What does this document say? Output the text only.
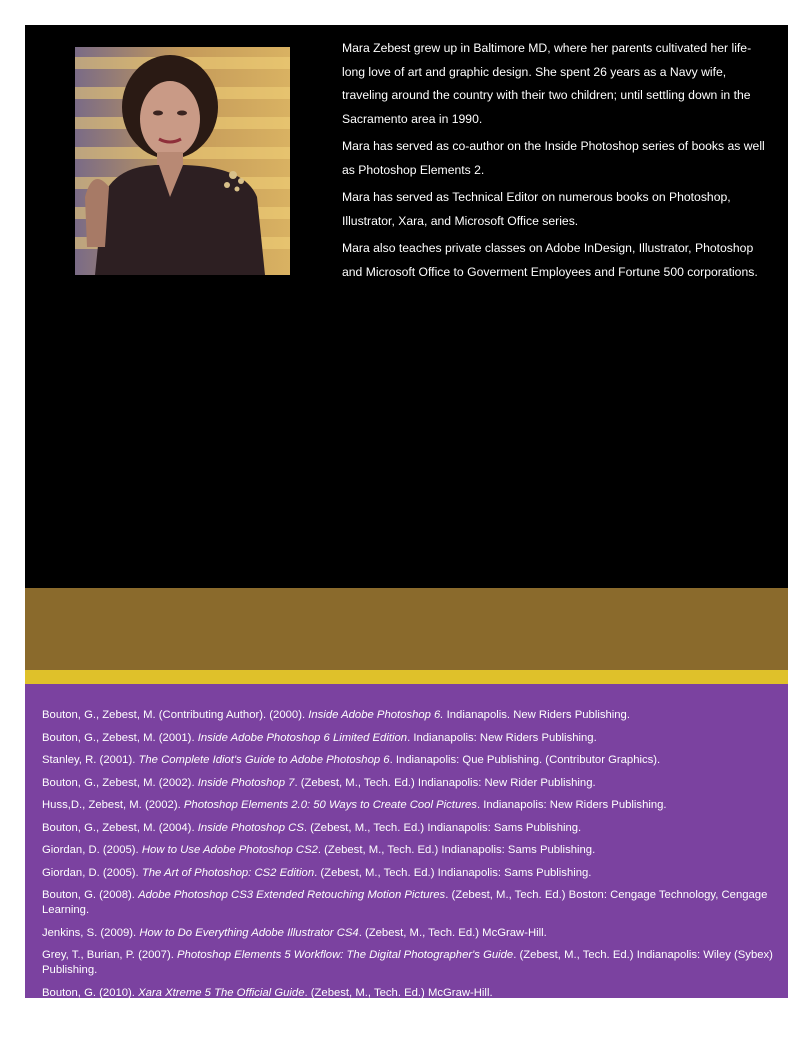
Mara Zebest grew up in Baltimore MD, where her parents cultivated her life-long love of art and graphic design. She spent 26 years as a Navy wife, traveling around the country with their two children; until settling down in the Sacramento area in 1990.

Mara has served as co-author on the Inside Photoshop series of books as well as Photoshop Elements 2.

Mara has served as Technical Editor on numerous books on Photoshop, Illustrator, Xara, and Microsoft Office series.

Mara also teaches private classes on Adobe InDesign, Illustrator, Photoshop and Microsoft Office to Goverment Employees and Fortune 500 corporations.

Bouton, G., Zebest, M. (Contributing Author). (2000). Inside Adobe Photoshop 6. Indianapolis. New Riders Publishing.
Bouton, G., Zebest, M. (2001). Inside Adobe Photoshop 6 Limited Edition. Indianapolis: New Riders Publishing.
Stanley, R. (2001). The Complete Idiot's Guide to Adobe Photoshop 6. Indianapolis: Que Publishing. (Contributor Graphics).
Bouton, G., Zebest, M. (2002). Inside Photoshop 7. (Zebest, M., Tech. Ed.) Indianapolis: New Rider Publishing.
Huss,D., Zebest, M. (2002). Photoshop Elements 2.0: 50 Ways to Create Cool Pictures. Indianapolis: New Riders Publishing.
Bouton, G., Zebest, M. (2004). Inside Photoshop CS. (Zebest, M., Tech. Ed.) Indianapolis: Sams Publishing.
Giordan, D. (2005). How to Use Adobe Photoshop CS2. (Zebest, M., Tech. Ed.) Indianapolis: Sams Publishing.
Giordan, D. (2005). The Art of Photoshop: CS2 Edition. (Zebest, M., Tech. Ed.) Indianapolis: Sams Publishing.
Bouton, G. (2008). Adobe Photoshop CS3 Extended Retouching Motion Pictures. (Zebest, M., Tech. Ed.) Boston: Cengage Technology, Cengage Learning.
Jenkins, S. (2009). How to Do Everything Adobe Illustrator CS4. (Zebest, M., Tech. Ed.) McGraw-Hill.
Grey, T., Burian, P. (2007). Photoshop Elements 5 Workflow: The Digital Photographer's Guide. (Zebest, M., Tech. Ed.) Indianapolis: Wiley (Sybex) Publishing.
Bouton, G. (2010). Xara Xtreme 5 The Official Guide. (Zebest, M., Tech. Ed.) McGraw-Hill.
